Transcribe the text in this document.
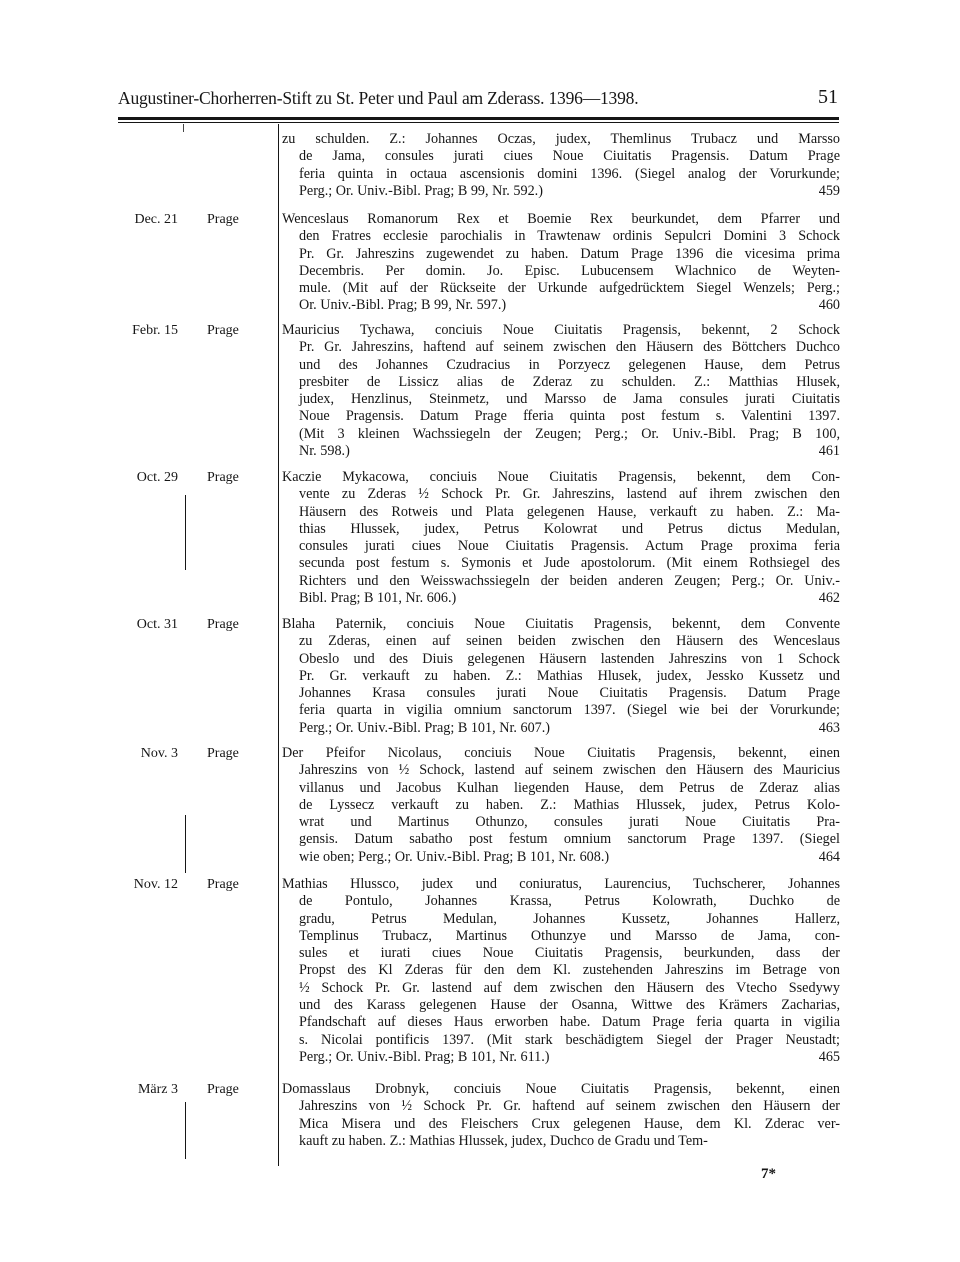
Augustiner-Chorherren-Stift zu St. Peter und Paul am Zderass. 1396—1398.	51
zu schulden. Z.: Johannes Oczas, judex, Themlinus Trubacz und Marsso
de Jama, consules jurati ciues Noue Ciuitatis Pragensis. Datum Prage
feria quinta in octaua ascensionis domini 1396. (Siegel analog der Vorurkunde;
Perg.; Or. Univ.-Bibl. Prag; B 99, Nr. 592.)	459
Dec. 21 Prage	Wenceslaus Romanorum Rex et Boemie Rex beurkundet, dem Pfarrer und
den Fratres ecclesie parochialis in Trawtenaw ordinis Sepulcri Domini 3 Schock
Pr. Gr. Jahreszins zugewendet zu haben. Datum Prage 1396 die vicesima prima
Decembris. Per domin. Jo. Episc. Lubucensem Wlachnico de Weyten-
mule. (Mit auf der Rückseite der Urkunde aufgedrücktem Siegel Wenzels; Perg.;
Or. Univ.-Bibl. Prag; B 99, Nr. 597.)	460
Febr. 15 Prage	Mauricius Tychawa, conciuis Noue Ciuitatis Pragensis, bekennt, 2 Schock
Pr. Gr. Jahreszins, haftend auf seinem zwischen den Häusern des Böttchers Duchco
und des Johannes Czudracius in Porzyecz gelegenen Hause, dem Petrus
presbiter de Lissicz alias de Zderaz zu schulden. Z.: Matthias Hlusek,
judex, Henzlinus, Steinmetz, und Marsso de Jama consules jurati Ciuitatis
Noue Pragensis. Datum Prage fferia quinta post festum s. Valentini 1397.
(Mit 3 kleinen Wachssiegeln der Zeugen; Perg.; Or. Univ.-Bibl. Prag; B 100,
Nr. 598.)	461
Oct. 29 Prage	Kaczie Mykacowa, conciuis Noue Ciuitatis Pragensis, bekennt, dem Con-
vente zu Zderas ½ Schock Pr. Gr. Jahreszins, lastend auf ihrem zwischen den
Häusern des Rotweis und Plata gelegenen Hause, verkauft zu haben. Z.: Ma-
thias Hlussek, judex, Petrus Kolowrat und Petrus dictus Medulan,
consules jurati ciues Noue Ciuitatis Pragensis. Actum Prage proxima feria
secunda post festum s. Symonis et Jude apostolorum. (Mit einem Rothsiegel des
Richters und den Weisswachssiegeln der beiden anderen Zeugen; Perg.; Or. Univ.-
Bibl. Prag; B 101, Nr. 606.)	462
Oct. 31 Prage	Blaha Paternik, conciuis Noue Ciuitatis Pragensis, bekennt, dem Convente
zu Zderas, einen auf seinen beiden zwischen den Häusern des Wenceslaus
Obeslo und des Diuis gelegenen Häusern lastenden Jahreszins von 1 Schock
Pr. Gr. verkauft zu haben. Z.: Mathias Hlusek, judex, Jessko Kussetz und
Johannes Krasa consules jurati Noue Ciuitatis Pragensis. Datum Prage
feria quarta in vigilia omnium sanctorum 1397. (Siegel wie bei der Vorurkunde;
Perg.; Or. Univ.-Bibl. Prag; B 101, Nr. 607.)	463
Nov. 3 Prage	Der Pfeifor Nicolaus, conciuis Noue Ciuitatis Pragensis, bekennt, einen
Jahreszins von ½ Schock, lastend auf seinem zwischen den Häusern des Mauricius
villanus und Jacobus Kulhan liegenden Hause, dem Petrus de Zderaz alias
de Lyssecz verkauft zu haben. Z.: Mathias Hlussek, judex, Petrus Kolo-
wrat und Martinus Othunzo, consules jurati Noue Ciuitatis Pra-
gensis. Datum sabatho post festum omnium sanctorum Prage 1397. (Siegel
wie oben; Perg.; Or. Univ.-Bibl. Prag; B 101, Nr. 608.)	464
Nov. 12 Prage	Mathias Hlussco, judex und coniuratus, Laurencius, Tuchscherer, Johannes
de Pontulo, Johannes Krassa, Petrus Kolowrath, Duchko de
gradu, Petrus Medulan, Johannes Kussetz, Johannes Hallerz,
Templinus Trubacz, Martinus Othunzye und Marsso de Jama, con-
sules et iurati ciues Noue Ciuitatis Pragensis, beurkunden, dass der
Propst des Kl Zderas für den dem Kl. zustehenden Jahreszins im Betrage von
½ Schock Pr. Gr. lastend auf dem zwischen den Häusern des Vtecho Ssedywy
und des Karass gelegenen Hause der Osanna, Wittwe des Krämers Zacharias,
Pfandschaft auf dieses Haus erworben habe. Datum Prage feria quarta in vigilia
s. Nicolai pontificis 1397. (Mit stark beschädigtem Siegel der Prager Neustadt;
Perg.; Or. Univ.-Bibl. Prag; B 101, Nr. 611.)	465
März 3 Prage	Domasslaus Drobnyk, conciuis Noue Ciuitatis Pragensis, bekennt, einen
Jahreszins von ½ Schock Pr. Gr. haftend auf seinem zwischen den Häusern der
Mica Misera und des Fleischers Crux gelegenen Hause, dem Kl. Zderac ver-
kauft zu haben. Z.: Mathias Hlussek, judex, Duchco de Gradu und Tem-
7*
